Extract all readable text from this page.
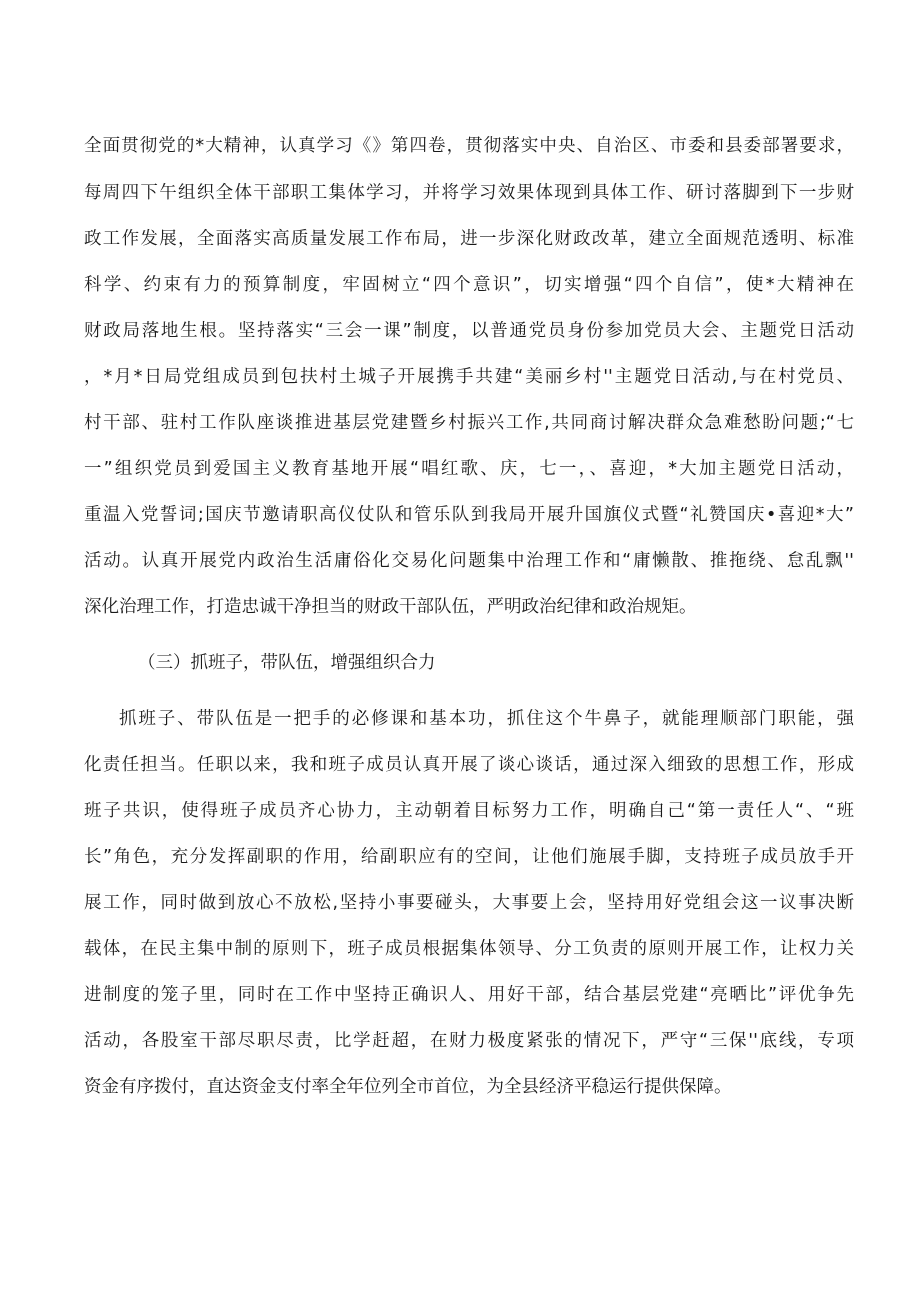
全面贯彻党的*大精神，认真学习《》第四卷，贯彻落实中央、自治区、市委和县委部署要求，
每周四下午组织全体干部职工集体学习，并将学习效果体现到具体工作、研讨落脚到下一步财
政工作发展，全面落实高质量发展工作布局，进一步深化财政改革，建立全面规范透明、标准
科学、约束有力的预算制度，牢固树立“四个意识”，切实增强“四个自信”，使*大精神在
财政局落地生根。坚持落实“三会一课”制度，以普通党员身份参加党员大会、主题党日活动
，*月*日局党组成员到包扶村土城子开展携手共建“美丽乡村''主题党日活动,与在村党员、
村干部、驻村工作队座谈推进基层党建暨乡村振兴工作,共同商讨解决群众急难愁盼问题;“七
一”组织党员到爱国主义教育基地开展“唱红歌、庆，七一，、喜迎，*大加主题党日活动，
重温入党誓词;国庆节邀请职高仪仗队和管乐队到我局开展升国旗仪式暨“礼赞国庆•喜迎*大”
活动。认真开展党内政治生活庸俗化交易化问题集中治理工作和“庸懒散、推拖绕、怠乱飘''
深化治理工作，打造忠诚干净担当的财政干部队伍，严明政治纪律和政治规矩。
（三）抓班子，带队伍，增强组织合力
抓班子、带队伍是一把手的必修课和基本功，抓住这个牛鼻子，就能理顺部门职能，强
化责任担当。任职以来，我和班子成员认真开展了谈心谈话，通过深入细致的思想工作，形成
班子共识，使得班子成员齐心协力，主动朝着目标努力工作，明确自己“第一责任人“、“班
长”角色，充分发挥副职的作用，给副职应有的空间，让他们施展手脚，支持班子成员放手开
展工作，同时做到放心不放松,坚持小事要碰头，大事要上会，坚持用好党组会这一议事决断
载体，在民主集中制的原则下，班子成员根据集体领导、分工负责的原则开展工作，让权力关
进制度的笼子里，同时在工作中坚持正确识人、用好干部，结合基层党建“亮晒比”评优争先
活动，各股室干部尽职尽责，比学赶超，在财力极度紧张的情况下，严守“三保''底线，专项
资金有序拨付，直达资金支付率全年位列全市首位，为全县经济平稳运行提供保障。
